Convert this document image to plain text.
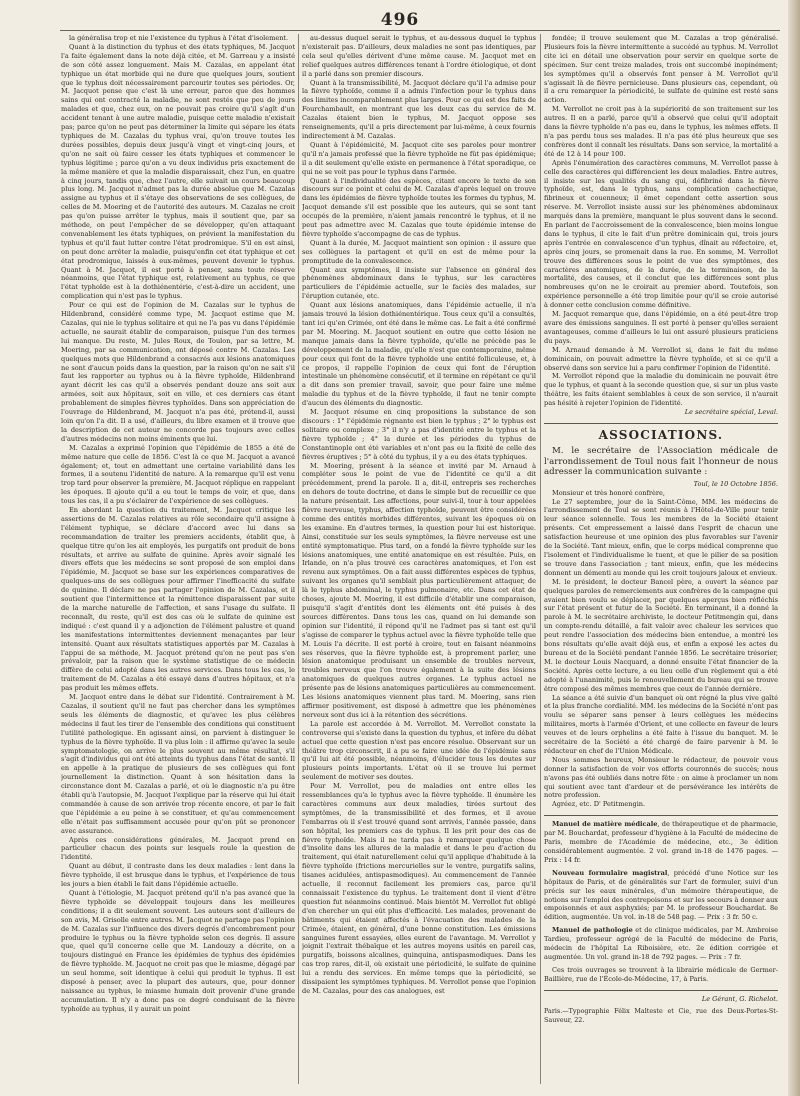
496

la généralisa trop et nie l'existence du typhus à l'état d'isolement.

Quant à la distinction du typhus et des états typhiques, M. Jacquot l'a faite également dans la note déjà citée, et M. Garreau y a insisté de son côté assez longuement. Mais M. Cazalas, en appelant état typhique un état morbide qui ne dure que quelques jours, soutient que le typhus doit nécessairement parcourir toutes ses périodes. Or, M. Jacquot pense que c'est là une erreur, parce que des hommes sains qui ont contracté la maladie, ne sont restés que peu de jours malades et que, chez eux, on ne pouvait pas croire qu'il s'agît d'un accident tenant à une autre maladie, puisque cette maladie n'existait pas; parce qu'on ne peut pas déterminer la limite qui sépare les états typhiques de M. Cazalas du typhus vrai, qu'on trouve toutes les durées possibles, depuis deux jusqu'à vingt et vingt-cinq jours, et qu'on ne sait où faire cesser les états typhiques et commencer le typhus légitime ; parce qu'on a vu deux individus pris exactement de la même manière et que la maladie disparaissait, chez l'un, en quatre à cinq jours, tandis que, chez l'autre, elle suivait un cours beaucoup plus long. M. Jacquot n'admet pas la durée absolue que M. Cazalas assigne au typhus et il s'étaye des observations de ses collègues, de celles de M. Moering et de l'autorité des auteurs. M. Cazalas ne croit pas qu'on puisse arrêter le typhus, mais il soutient que, par sa méthode, on peut l'empêcher de se développer, qu'en attaquant convenablement les états typhiques, on prévient la manifestation du typhus et qu'il faut lutter contre l'état prodromique. S'il en est ainsi, on peut donc arrêter la maladie, puisqu'enfin cet état typhique et cet état prodromique, laissés à eux-mêmes, peuvent devenir le typhus. Quant à M. Jacquot, il est porté à penser, sans toute réserve néanmoins, que l'état typhique est, relativement au typhus, ce que l'état typhoïde est à la dothiénentérie, c'est-à-dire un accident, une complication qui n'est pas le typhus.

Pour ce qui est de l'opinion de M. Cazalas sur le typhus de Hildenbrand, considéré comme type, M. Jacquot estime que M. Cazalas, qui nie le typhus solitaire et qui ne l'a pas vu dans l'épidémie actuelle, ne saurait établir de comparaison, puisque l'un des termes lui manque. Du reste, M. Jules Roux, de Toulon, par sa lettre, M. Moering, par sa communication, ont déposé contre M. Cazalas. Les quelques mots que Hildenbrand a consacrés aux lésions anatomiques ne sont d'aucun poids dans la question, par la raison qu'on ne sait s'il faut les rapporter au typhus ou à la fièvre typhoïde, Hildenbrand ayant décrit les cas qu'il a observés pendant douze ans soit aux armées, soit aux hôpitaux, soit en ville, et ces derniers cas étant probablement de simples fièvres typhoïdes. Dans son appréciation de l'ouvrage de Hildenbrand, M. Jacquot n'a pas été, prétend-il, aussi loin qu'on l'a dit. Il a usé, d'ailleurs, du libre examen et il trouve que la description de cet auteur ne concorde pas toujours avec celles d'autres médecins non moins éminents que lui.

M. Cazalas a exprimé l'opinion que l'épidémie de 1855 a été de même nature que celle de 1856. C'est là ce que M. Jacquot a avancé également; et, tout en admettant une certaine variabilité dans les formes, il a soutenu l'identité de nature. A la remarque qu'il est venu trop tard pour observer la première, M. Jacquot réplique en rappelant les époques. Il ajoute qu'il a eu tout le temps de voir, et que, dans tous les cas, il a pu s'éclairer de l'expérience de ses collègues.

En abordant la question du traitement, M. Jacquot critique les assertions de M. Cazalas relatives au rôle secondaire qu'il assigne à l'élément typhique, se déclare d'accord avec lui dans sa recommandation de traiter les premiers accidents, établit que, à quelque titre qu'on les ait employés, les purgatifs ont produit de bons résultats, et arrive au sulfate de quinine. Après avoir signalé les divers effets que les médecins se sont proposé de son emploi dans l'épidémie, M. Jacquot se base sur les expériences comparatives de quelques-uns de ses collègues pour affirmer l'inefficacité du sulfate de quinine. Il déclare ne pas partager l'opinion de M. Cazalas, et il soutient que l'intermittence et la rémittence disparaissent par suite de la marche naturelle de l'affection, et sans l'usage du sulfate. Il reconnaît, du reste, qu'il est des cas où le sulfate de quinine est indiqué : c'est quand il y a adjonction de l'élément palustre et quand les manifestations intermittentes deviennent menaçantes par leur intensité. Quant aux résultats statistiques apportés par M. Cazalas à l'appui de sa méthode, M. Jacquot prétend qu'on ne peut pas s'en prévaloir, par la raison que le système statistique de ce médecin diffère de celui adopté dans les autres services. Dans tous les cas, le traitement de M. Cazalas a été essayé dans d'autres hôpitaux, et n'a pas produit les mêmes effets.

M. Jacquot entre dans le débat sur l'identité. Contrairement à M. Cazalas, il soutient qu'il ne faut pas chercher dans les symptômes seuls les éléments de diagnostic, et qu'avec les plus célèbres médecins il faut les tirer de l'ensemble des conditions qui constituent l'utilité pathologique. En agissant ainsi, on parvient à distinguer le typhus de la fièvre typhoïde. Il va plus loin : il affirme qu'avec la seule symptomatologie, on arrive le plus souvent au même résultat, s'il s'agit d'individus qui ont été atteints du typhus dans l'état de santé. Il en appelle à la pratique de plusieurs de ses collègues qui font journellement la distinction. Quant à son hésitation dans la circonstance dont M. Cazalas a parlé, et où le diagnostic n'a pu être établi qu'à l'autopsie, M. Jacquot l'explique par la réserve qui lui était commandée à cause de son arrivée trop récente encore, et par le fait que l'épidémie a eu peine à se constituer, et qu'au commencement elle n'était pas suffisamment accusée pour qu'on pût se prononcer avec assurance.

Après ces considérations générales, M. Jacquot prend en particulier chacun des points sur lesquels roule la question de l'identité.

Quant au début, il contraste dans les deux maladies : lent dans la fièvre typhoïde, il est brusque dans le typhus, et l'expérience de tous les jours a bien établi le fait dans l'épidémie actuelle.

Quant à l'étiologie, M. Jacquot prétend qu'il n'a pas avancé que la fièvre typhoïde se développait toujours dans les meilleures conditions; il a dit seulement souvent. Les auteurs sont d'ailleurs de son avis, M. Grisolle entre autres. M. Jacquot ne partage pas l'opinion de M. Cazalas sur l'influence des divers degrés d'encombrement pour produire le typhus ou la fièvre typhoïde selon ces degrés. Il assure que, quel qu'il concerne celle que M. Landouzy a décrite, on a toujours distingué en France les épidémies de typhus des épidémies de fièvre typhoïde. M. Jacquot ne croit pas que le miasme, dégagé par un seul homme, soit identique à celui qui produit le typhus. Il est disposé à penser, avec la plupart des auteurs, que, pour donner naissance au typhus, le miasme humain doit provenir d'une grande accumulation. Il n'y a donc pas ce degré conduisant de la fièvre typhoïde au typhus, il y aurait un point

au-dessus duquel serait le typhus, et au-dessous duquel le typhus n'existerait pas. D'ailleurs, deux maladies ne sont pas identiques, par cela seul qu'elles dérivent d'une même cause. M. Jacquot met en relief quelques autres différences tenant à l'ordre étiologique, et dont il a parlé dans son premier discours.

Quant à la transmissibilité, M. Jacquot déclare qu'il l'a admise pour la fièvre typhoïde, comme il a admis l'infection pour le typhus dans des limites incomparablement plus larges. Pour ce qui est des faits de Fourchambault, en montrant que les deux cas du service de M. Cazalas étaient bien le typhus, M. Jacquot oppose ses renseignements, qu'il a pris directement par lui-même, à ceux fournis indirectement à M. Cazalas.

Quant à l'épidémicité, M. Jacquot cite ses paroles pour montrer qu'il n'a jamais professé que la fièvre typhoïde ne fût pas épidémique; il a dit seulement qu'elle existe en permanence à l'état sporadique, ce qui ne se voit pas pour le typhus dans l'armée.

Quant à l'individualité des espèces, citant encore le texte de son discours sur ce point et celui de M. Cazalas d'après lequel on trouve dans les épidémies de fièvre typhoïde toutes les formes du typhus, M. Jacquot demande s'il est possible que les auteurs, qui se sont tant occupés de la première, n'aient jamais rencontré le typhus, et il ne peut pas admettre avec M. Cazalas que toute épidémie intense de fièvre typhoïde s'accompagne de cas de typhus.

Quant à la durée, M. Jacquot maintient son opinion : il assure que ses collègues la partagent et qu'il en est de même pour la promptitude de la convalescence.

Quant aux symptômes, il insiste sur l'absence en général des phénomènes abdominaux dans le typhus, sur les caractères particuliers de l'épidémie actuelle, sur le faciès des malades, sur l'éruption cutanée, etc.

Quant aux lésions anatomiques, dans l'épidémie actuelle, il n'a jamais trouvé la lésion dothiénentérique. Tous ceux qu'il a consultés, tant ici qu'en Crimée, ont été dans le même cas. Le fait a été confirmé par M. Moering. M. Jacquot soutient en outre que cette lésion ne manque jamais dans la fièvre typhoïde, qu'elle ne précède pas le développement de la maladie, qu'elle n'est que contemporaine, même pour ceux qui font de la fièvre typhoïde une entité folliculeuse, et, à ce propos, il rappelle l'opinion de ceux qui font de l'éruption intestinale un phénomène consécutif, et il termine en répétant ce qu'il a dit dans son premier travail, savoir, que pour faire une même maladie du typhus et de la fièvre typhoïde, il faut ne tenir compte d'aucun des éléments du diagnostic.

M. Jacquot résume en cinq propositions la substance de son discours : 1° l'épidémie régnante est bien le typhus ; 2° le typhus est solitaire ou complexe ; 3° il n'y a pas d'identité entre le typhus et la fièvre typhoïde ; 4° la durée et les périodes du typhus de Constantinople ont été variables et n'ont pas eu la fixité de celle des fièvres éruptives ; 5° à côté du typhus, il y a eu des états typhiques.

M. Moering, présent à la séance et invité par M. Arnaud à compléter sous le point de vue de l'identité ce qu'il a dit précédemment, prend la parole. Il a, dit-il, entrepris ses recherches en dehors de toute doctrine, et dans le simple but de recueillir ce que la nature présentait. Les affections, pour suivi-il, tour à tour appelées fièvre nerveuse, typhus, affection typhoïde, peuvent être considérées comme des entités morbides différentes, suivant les époques où on les examine. En d'autres termes, la question pour lui est historique. Ainsi, constituée sur les seuls symptômes, la fièvre nerveuse est une entité symptomatique. Plus tard, on a fondé la fièvre typhoïde sur les lésions anatomiques, une entité anatomique en est résultée. Puis, en Irlande, on n'a plus trouvé ces caractères anatomiques, et l'on est revenu aux symptômes. On a fait aussi différentes espèces de typhus, suivant les organes qu'il semblait plus particulièrement attaquer, de là le typhus abdominal, le typhus pulmonaire, etc. Dans cet état de choses, ajoute M. Moering, il est difficile d'établir une comparaison, puisqu'il s'agit d'entités dont les éléments ont été puisés à des sources différentes. Dans tous les cas, quand on lui demande son opinion sur l'identité, il répond qu'il ne l'admet pas si tant est qu'il s'agisse de comparer le typhus actuel avec la fièvre typhoïde telle que M. Louis l'a décrite. Il est porté à croire, tout en faisant néanmoins ses réserves, que la fièvre typhoïde est, à proprement parler, une lésion anatomique produisant un ensemble de troubles nerveux, troubles nerveux que l'on trouve également à la suite des lésions anatomiques de quelques autres organes. Le typhus actuel ne présente pas de lésions anatomiques particulières au commencement. Les lésions anatomiques viennent plus tard. M. Moering, sans rien affirmer positivement, est disposé à admettre que les phénomènes nerveux sont dus ici à la rétention des sécrétions.

La parole est accordée à M. Verrollot. M. Verrollot constate la controverse qui s'existe dans la question du typhus, et infère du débat actuel que cette question n'est pas encore résolue. Observant sur un théâtre trop circonscrit, il a pu se faire une idée de l'épidémie sans qu'il lui ait été possible, néanmoins, d'élucider tous les doutes sur plusieurs points importants. L'état où il se trouve lui permet seulement de motiver ses doutes.

Pour M. Verrollot, peu de maladies ont entre elles les ressemblances qu'a le typhus avec la fièvre typhoïde. Il énumère les caractères communs aux deux maladies, tirées surtout des symptômes, de la transmissibilité et des formes, et il avoue l'embarras où il s'est trouvé quand sont arrivés, l'année passée, dans son hôpital, les premiers cas de typhus. Il les prit pour des cas de fièvre typhoïde. Mais il ne tarda pas à remarquer quelque chose d'insolite dans les allures de la maladie et dans le peu d'action du traitement, qui était naturellement celui qu'il applique d'habitude à la fièvre typhoïde (frictions mercurielles sur le ventre, purgatifs salins, tisanes acidulées, antispasmodiques). Au commencement de l'année actuelle, il reconnut facilement les premiers cas, parce qu'il connaissait l'existence du typhus. Le traitement dont il vient d'être question fut néanmoins continué. Mais bientôt M. Verrollot fut obligé d'en chercher un qui eût plus d'efficacité. Les malades, provenant de bâtiments qui étaient affectés à l'évacuation des malades de la Crimée, étaient, en général, d'une bonne constitution. Les émissions sanguines furent essayées, elles eurent de l'avantage. M. Verrollot y joignit l'extrait thébaïque et les autres moyens usités en pareil cas, purgatifs, boissons alcalines, quinquina, antispasmodiques. Dans les cas trop rares, dit-il, où existait une périodicité, le sulfate de quinine lui a rendu des services. En même temps que la périodicité, se dissipaient les symptômes typhiques. M. Verrollot pense que l'opinion de M. Cazalas, pour des cas analogues, est

fondée; il trouve seulement que M. Cazalas a trop généralisé. Plusieurs fois la fièvre intermittente a succédé au typhus. M. Verrollot cite ici en détail une observation pour servir en quelque sorte de spécimen. Sur cent treize malades, trois ont succombé inopinément; les symptômes qu'il a observés font penser à M. Verrollot qu'il s'agissait là de fièvre pernicieuse. Dans plusieurs cas, cependant, où il a cru remarquer la périodicité, le sulfate de quinine est resté sans action.

M. Verrollot ne croit pas à la supériorité de son traitement sur les autres. Il en a parlé, parce qu'il a observé que celui qu'il adoptait dans la fièvre typhoïde n'a pas eu, dans le typhus, les mêmes effets. Il n'a pas perdu tous ses malades. Il n'a pas été plus heureux que ses confrères dont il connaît les résultats. Dans son service, la mortalité a été de 12 à 14 pour 100.

Après l'énumération des caractères communs, M. Verrollot passe à celle des caractères qui différencient les deux maladies. Entre autres, il insiste sur les qualités du sang qui, défibriné dans la fièvre typhoïde, est, dans le typhus, sans complication cachectique, fibrineux et couenneux; il émet cependant cette assertion sous réserve. M. Verrollot insiste aussi sur les phénomènes abdominaux marqués dans la première, manquant le plus souvent dans le second. En parlant de l'accroissement de la convalescence, bien moins longue dans le typhus, il cite le fait d'un prêtre dominicain qui, trois jours après l'entrée en convalescence d'un typhus, dînait au réfectoire, et, après cinq jours, se promenait dans la rue. En somme, M. Verrollot trouve des différences sous le point de vue des symptômes, des caractères anatomiques, de la durée, de la terminaison, de la mortalité, des causes, et il conclut que les différences sont plus nombreuses qu'on ne le croirait au premier abord. Toutefois, son expérience personnelle a été trop limitée pour qu'il se croie autorisé à donner cette conclusion comme définitive.

M. Jacquot remarque que, dans l'épidémie, on a été peut-être trop avare des émissions sanguines. Il est porté à penser qu'elles seraient avantageuses, comme d'ailleurs le lui ont assuré plusieurs praticiens du pays.

M. Arnaud demande à M. Verrollot si, dans le fait du même dominicain, on pouvait admettre la fièvre typhoïde, et si ce qu'il a observé dans son service lui a paru confirmer l'opinion de l'identité.

M. Verrollot répond que la maladie du dominicain ne pouvait être que le typhus, et quant à la seconde question que, si sur un plus vaste théâtre, les faits étaient semblables à ceux de son service, il n'aurait pas hésité à rejeter l'opinion de l'identité.

Le secrétaire spécial, Leval.

ASSOCIATIONS.

M. le secrétaire de l'Association médicale de l'arrondissement de Toul nous fait l'honneur de nous adresser la communication suivante :

Toul, le 10 Octobre 1856.

Monsieur et très honoré confrère,

Le 27 septembre, jour de la Saint-Côme, MM. les médecins de l'arrondissement de Toul se sont réunis à l'Hôtel-de-Ville pour tenir leur séance solennelle. Tous les membres de la Société étaient présents. Cet empressement a laissé dans l'esprit de chacun une satisfaction heureuse et une opinion des plus favorables sur l'avenir de la Société. Tant mieux, enfin, que le corps médical comprenne que l'isolement et l'individualisme le tuent, et que le pilier de sa position se trouve dans l'association ; tant mieux, enfin, que les médecins donnent un démenti au monde qui les croit toujours jaloux et envieux.

M. le président, le docteur Bancel père, a ouvert la séance par quelques paroles de remerciements aux confrères de la campagne qui avaient bien voulu se déplacer, par quelques aperçus bien réfléchis sur l'état présent et futur de la Société. En terminant, il a donné la parole à M. le secrétaire archiviste, le docteur Petitmengin qui, dans un compte-rendu détaillé, a fait valoir avec chaleur les services que peut rendre l'association des médecins bien entendue, a montré les bons résultats qu'elle avait déjà eus, et enfin a exposé les actes du bureau et de la Société pendant l'année 1856. Le secrétaire trésorier, M. le docteur Louis Nacquard, a donné ensuite l'état financier de la Société. Après cette lecture, a eu lieu celle d'un règlement qui a été adopté à l'unanimité, puis le renouvellement du bureau qui se trouve être composé des mêmes membres que ceux de l'année dernière.

La séance a été suivie d'un banquet où ont régné la plus vive gaîté et la plus franche cordialité. MM. les médecins de la Société n'ont pas voulu se séparer sans penser à leurs collègues les médecins militaires, morts à l'armée d'Orient, et une collecte en faveur de leurs veuves et de leurs orphelins a été faite à l'issue du banquet. M. le secrétaire de la Société a été chargé de faire parvenir à M. le rédacteur en chef de l'Union Médicale.

Nous sommes heureux, Monsieur le rédacteur, de pouvoir vous donner la satisfaction de voir vos efforts couronnés de succès; nous n'avons pas été oubliés dans notre fête : on aime à proclamer un nom qui soutient avec tant d'ardeur et de persévérance les intérêts de notre profession.

Agréez, etc. D' Petitmengin.

Manuel de matière médicale, de thérapeutique et de pharmacie, par M. Bouchardat, professeur d'hygiène à la Faculté de médecine de Paris, membre de l'Académie de médecine, etc., 3e édition considérablement augmentée. 2 vol. grand in-18 de 1476 pages. — Prix : 14 fr.

Nouveau formulaire magistral, précédé d'une Notice sur les hôpitaux de Paris, et de généralités sur l'art de formuler, suivi d'un précis sur les eaux minérales, d'un mémoire thérapeutique, de notions sur l'emploi des contrepoisons et sur les secours à donner aux empoisonnés et aux asphyxiés; par M. le professeur Bouchardat. 8e édition, augmentée. Un vol. in-18 de 548 pag. — Prix : 3 fr. 50 c.

Manuel de pathologie et de clinique médicales, par M. Ambroise Tardieu, professeur agrégé de la Faculté de médecine de Paris, médecin de l'hôpital La Riboisière, etc. 2e édition corrigée et augmentée. Un vol. grand in-18 de 792 pages. — Prix : 7 fr.

Ces trois ouvrages se trouvent à la librairie médicale de Germer-Baillière, rue de l'École-de-Médecine, 17, à Paris.

Le Gérant, G. Richelot.

Paris.—Typographie Félix Malteste et Cie, rue des Deux-Portes-St-Sauveur, 22.
